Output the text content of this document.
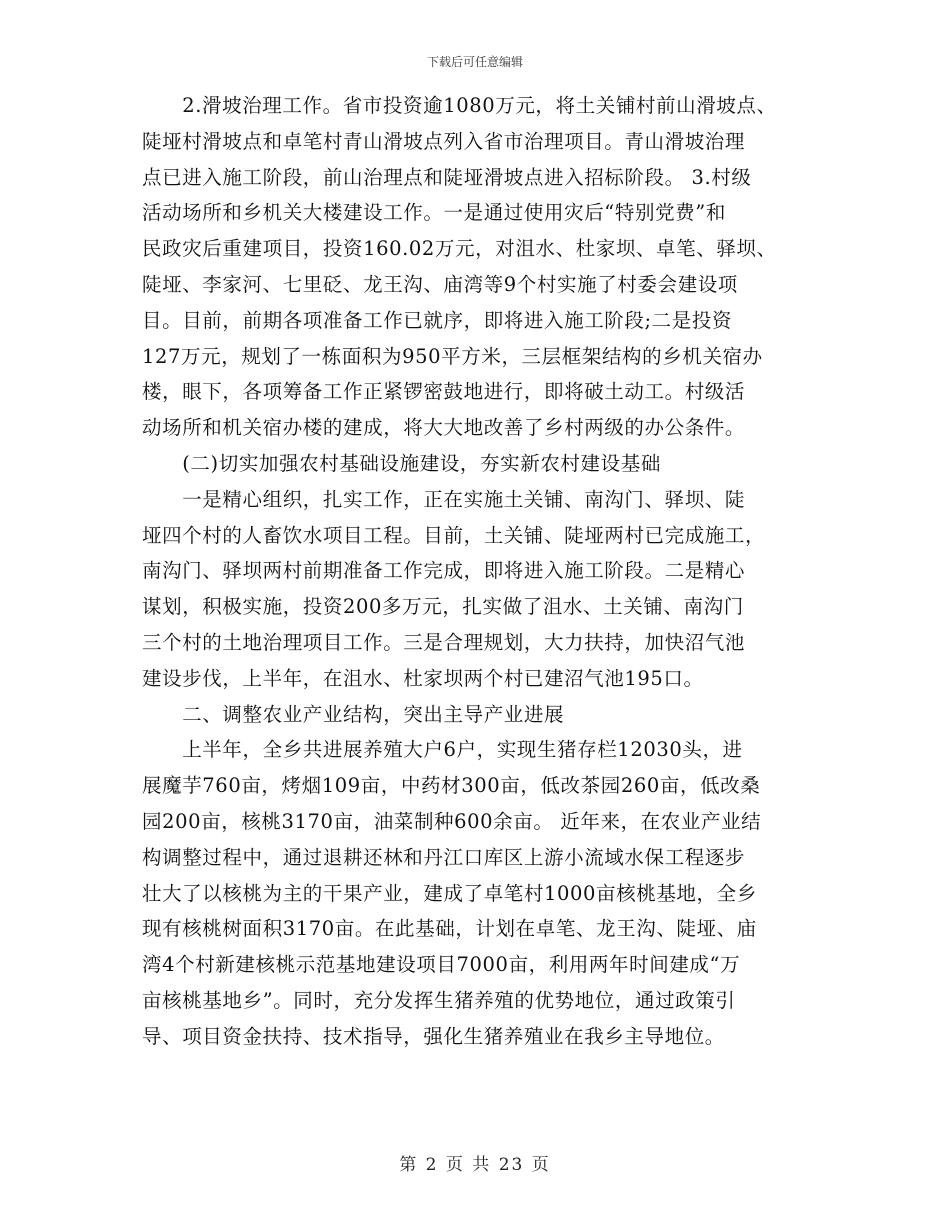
下载后可任意编辑
　　2.滑坡治理工作。省市投资逾1080万元，将土关铺村前山滑坡点、
陡垭村滑坡点和卓笔村青山滑坡点列入省市治理项目。青山滑坡治理
点已进入施工阶段，前山治理点和陡垭滑坡点进入招标阶段。 3.村级
活动场所和乡机关大楼建设工作。一是通过使用灾后“特别党费”和
民政灾后重建项目，投资160.02万元，对沮水、杜家坝、卓笔、驿坝、
陡垭、李家河、七里砭、龙王沟、庙湾等9个村实施了村委会建设项
目。目前，前期各项准备工作已就序，即将进入施工阶段;二是投资
127万元，规划了一栋面积为950平方米，三层框架结构的乡机关宿办
楼，眼下，各项筹备工作正紧锣密鼓地进行，即将破土动工。村级活
动场所和机关宿办楼的建成，将大大地改善了乡村两级的办公条件。
　　(二)切实加强农村基础设施建设，夯实新农村建设基础
　　一是精心组织，扎实工作，正在实施土关铺、南沟门、驿坝、陡
垭四个村的人畜饮水项目工程。目前，土关铺、陡垭两村已完成施工，
南沟门、驿坝两村前期准备工作完成，即将进入施工阶段。二是精心
谋划，积极实施，投资200多万元，扎实做了沮水、土关铺、南沟门
三个村的土地治理项目工作。三是合理规划，大力扶持，加快沼气池
建设步伐，上半年，在沮水、杜家坝两个村已建沼气池195口。
　　二、调整农业产业结构，突出主导产业进展
　　上半年，全乡共进展养殖大户6户，实现生猪存栏12030头，进
展魔芋760亩，烤烟109亩，中药材300亩，低改茶园260亩，低改桑
园200亩，核桃3170亩，油菜制种600余亩。 近年来，在农业产业结
构调整过程中，通过退耕还林和丹江口库区上游小流域水保工程逐步
壮大了以核桃为主的干果产业，建成了卓笔村1000亩核桃基地，全乡
现有核桃树面积3170亩。在此基础，计划在卓笔、龙王沟、陡垭、庙
湾4个村新建核桃示范基地建设项目7000亩，利用两年时间建成“万
亩核桃基地乡”。同时，充分发挥生猪养殖的优势地位，通过政策引
导、项目资金扶持、技术指导，强化生猪养殖业在我乡主导地位。
第 2 页 共 23 页
